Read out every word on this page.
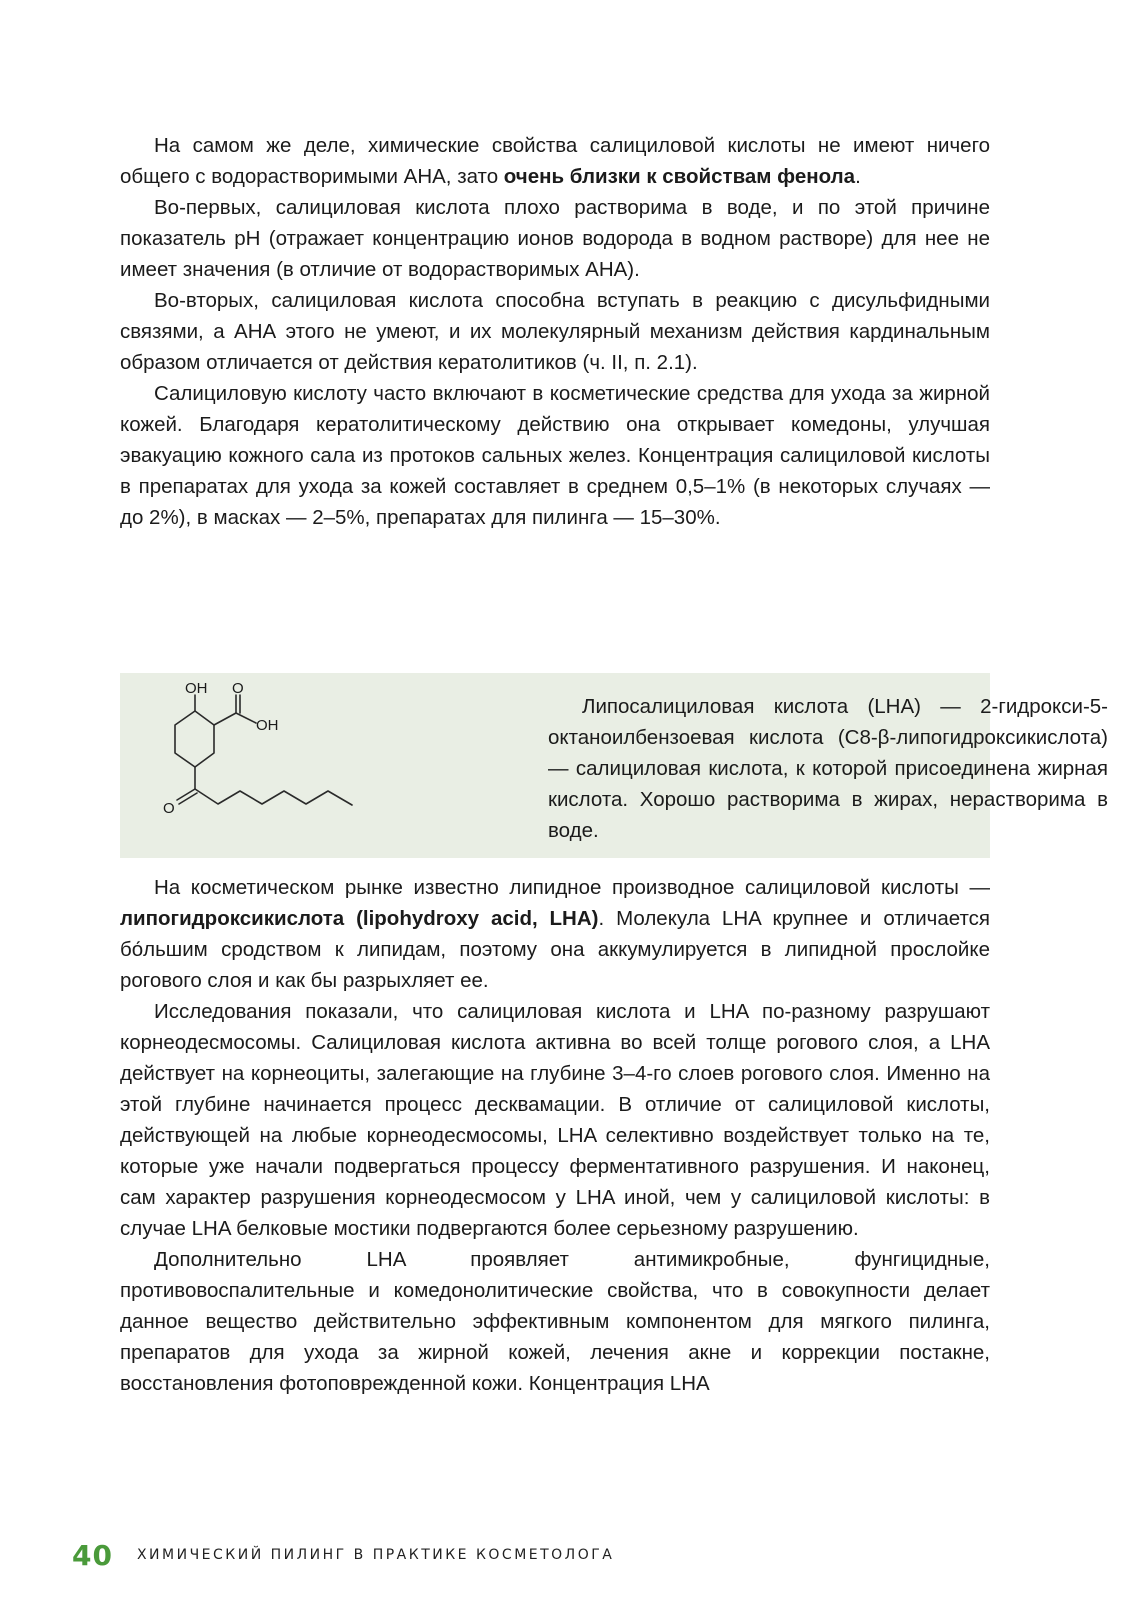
На самом же деле, химические свойства салициловой кислоты не имеют ничего общего с водорастворимыми АНА, зато очень близки к свойствам фенола.

Во-первых, салициловая кислота плохо растворима в воде, и по этой причине показатель pH (отражает концентрацию ионов водорода в водном растворе) для нее не имеет значения (в отличие от водорастворимых АНА).

Во-вторых, салициловая кислота способна вступать в реакцию с дисульфидными связями, а АНА этого не умеют, и их молекулярный механизм действия кардинальным образом отличается от действия кератолитиков (ч. II, п. 2.1).

Салициловую кислоту часто включают в косметические средства для ухода за жирной кожей. Благодаря кератолитическому действию она открывает комедоны, улучшая эвакуацию кожного сала из протоков сальных желез. Концентрация салициловой кислоты в препаратах для ухода за кожей составляет в среднем 0,5–1% (в некоторых случаях — до 2%), в масках — 2–5%, препаратах для пилинга — 15–30%.

OH O
OH
O

Липосалициловая кислота (LHA) — 2-гидрокси-5-октаноилбензоевая кислота (C8-β-липогидроксикислота) — салициловая кислота, к которой присоединена жирная кислота. Хорошо растворима в жирах, нерастворима в воде.

На косметическом рынке известно липидное производное салициловой кислоты — липогидроксикислота (lipohydroxy acid, LHA). Молекула LHA крупнее и отличается бо́льшим сродством к липидам, поэтому она аккумулируется в липидной прослойке рогового слоя и как бы разрыхляет ее.

Исследования показали, что салициловая кислота и LHA по-разному разрушают корнеодесмосомы. Салициловая кислота активна во всей толще рогового слоя, а LHA действует на корнеоциты, залегающие на глубине 3–4-го слоев рогового слоя. Именно на этой глубине начинается процесс десквамации. В отличие от салициловой кислоты, действующей на любые корнеодесмосомы, LHA селективно воздействует только на те, которые уже начали подвергаться процессу ферментативного разрушения. И наконец, сам характер разрушения корнеодесмосом у LHA иной, чем у салициловой кислоты: в случае LHA белковые мостики подвергаются более серьезному разрушению.

Дополнительно LHA проявляет антимикробные, фунгицидные, противовоспалительные и комедонолитические свойства, что в совокупности делает данное вещество действительно эффективным компонентом для мягкого пилинга, препаратов для ухода за жирной кожей, лечения акне и коррекции постакне, восстановления фотоповрежденной кожи. Концентрация LHA

40 ХИМИЧЕСКИЙ ПИЛИНГ В ПРАКТИКЕ КОСМЕТОЛОГА
